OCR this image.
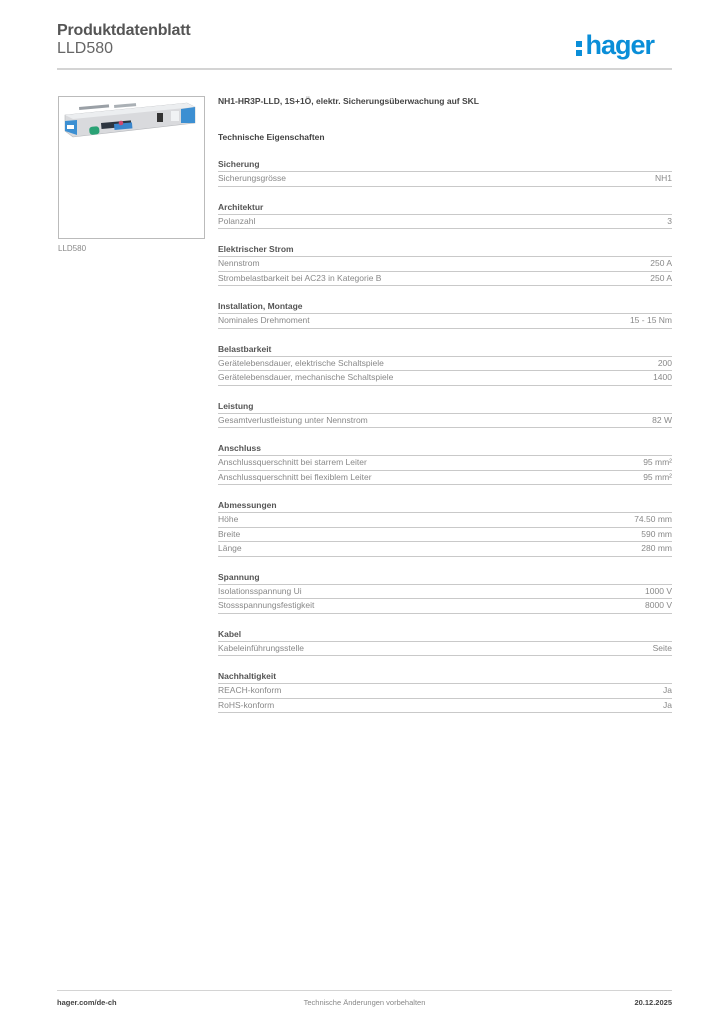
Produktdatenblatt
LLD580	hager
LLD580
NH1-HR3P-LLD, 1S+1Ö, elektr. Sicherungsüberwachung auf SKL
Technische Eigenschaften
Sicherung
Sicherungsgrösse	NH1
Architektur
Polanzahl	3
Elektrischer Strom
Nennstrom	250 A
Strombelastbarkeit bei AC23 in Kategorie B	250 A
Installation, Montage
Nominales Drehmoment	15 - 15 Nm
Belastbarkeit
Gerätelebensdauer, elektrische Schaltspiele	200
Gerätelebensdauer, mechanische Schaltspiele	1400
Leistung
Gesamtverlustleistung unter Nennstrom	82 W
Anschluss
Anschlussquerschnitt bei starrem Leiter	95 mm²
Anschlussquerschnitt bei flexiblem Leiter	95 mm²
Abmessungen
Höhe	74.50 mm
Breite	590 mm
Länge	280 mm
Spannung
Isolationsspannung Ui	1000 V
Stossspannungsfestigkeit	8000 V
Kabel
Kabeleinführungsstelle	Seite
Nachhaltigkeit
REACH-konform	Ja
RoHS-konform	Ja
hager.com/de-ch	Technische Änderungen vorbehalten	20.12.2025
